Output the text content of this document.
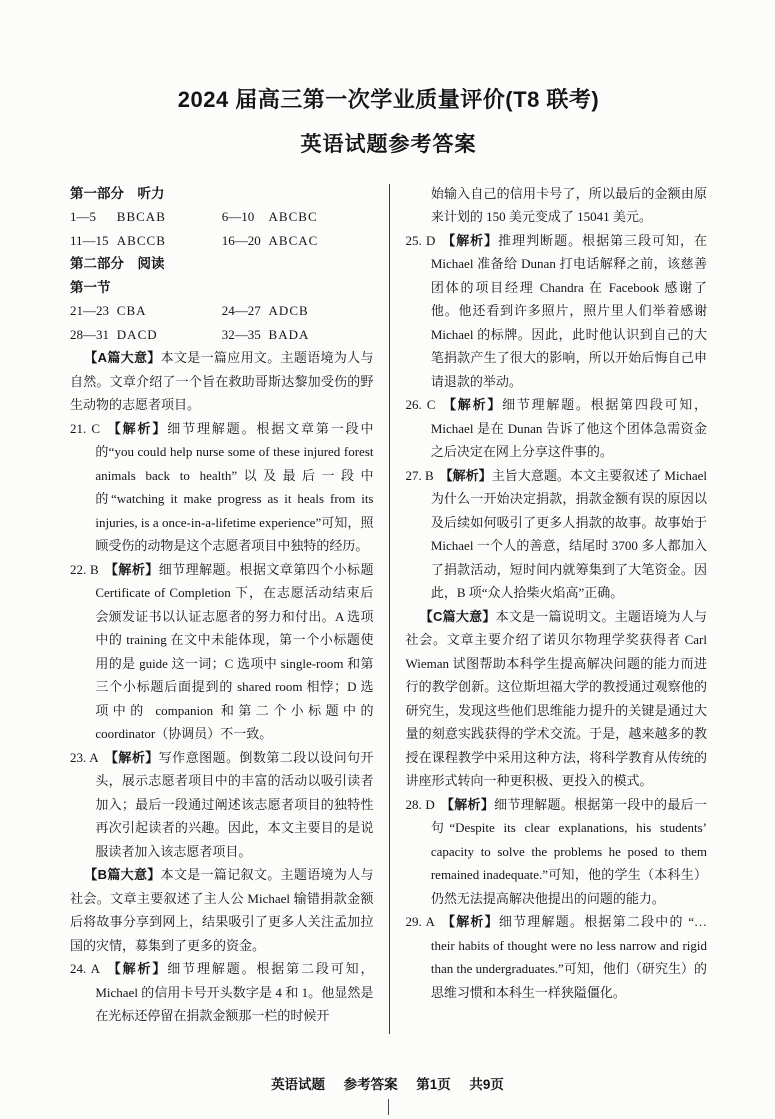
2024 届高三第一次学业质量评价(T8 联考)
英语试题参考答案
第一部分　听力
1—5 BBCAB	6—10 ABCBC
11—15 ABCCB	16—20 ABCAC
第二部分　阅读
第一节
21—23 CBA	24—27 ADCB
28—31 DACD	32—35 BADA

【A篇大意】本文是一篇应用文。主题语境为人与自然。文章介绍了一个旨在救助哥斯达黎加受伤的野生动物的志愿者项目。

21. C 【解析】细节理解题。根据文章第一段中的“you could help nurse some of these injured forest animals back to health”以及最后一段中的“watching it make progress as it heals from its injuries, is a once-in-a-lifetime experience”可知，照顾受伤的动物是这个志愿者项目中独特的经历。

22. B 【解析】细节理解题。根据文章第四个小标题 Certificate of Completion 下，在志愿活动结束后会颁发证书以认证志愿者的努力和付出。A 选项中的 training 在文中未能体现，第一个小标题使用的是 guide 这一词；C 选项中 single-room 和第三个小标题后面提到的 shared room 相悖；D 选项中的 companion 和第二个小标题中的 coordinator（协调员）不一致。

23. A 【解析】写作意图题。倒数第二段以设问句开头，展示志愿者项目中的丰富的活动以吸引读者加入；最后一段通过阐述该志愿者项目的独特性再次引起读者的兴趣。因此，本文主要目的是说服读者加入该志愿者项目。

【B篇大意】本文是一篇记叙文。主题语境为人与社会。文章主要叙述了主人公 Michael 输错捐款金额后将故事分享到网上，结果吸引了更多人关注孟加拉国的灾情，募集到了更多的资金。

24. A 【解析】细节理解题。根据第二段可知，Michael 的信用卡号开头数字是 4 和 1。他显然是在光标还停留在捐款金额那一栏的时候开

始输入自己的信用卡号了，所以最后的金额由原来计划的 150 美元变成了 15041 美元。

25. D 【解析】推理判断题。根据第三段可知，在 Michael 准备给 Dunan 打电话解释之前，该慈善团体的项目经理 Chandra 在 Facebook 感谢了他。他还看到许多照片，照片里人们举着感谢 Michael 的标牌。因此，此时他认识到自己的大笔捐款产生了很大的影响，所以开始后悔自己申请退款的举动。

26. C 【解析】细节理解题。根据第四段可知，Michael 是在 Dunan 告诉了他这个团体急需资金之后决定在网上分享这件事的。

27. B 【解析】主旨大意题。本文主要叙述了 Michael 为什么一开始决定捐款，捐款金额有误的原因以及后续如何吸引了更多人捐款的故事。故事始于 Michael 一个人的善意，结尾时 3700 多人都加入了捐款活动，短时间内就筹集到了大笔资金。因此，B 项“众人拾柴火焰高”正确。

【C篇大意】本文是一篇说明文。主题语境为人与社会。文章主要介绍了诺贝尔物理学奖获得者 Carl Wieman 试图帮助本科学生提高解决问题的能力而进行的教学创新。这位斯坦福大学的教授通过观察他的研究生，发现这些他们思维能力提升的关键是通过大量的刻意实践获得的学术交流。于是，越来越多的教授在课程教学中采用这种方法，将科学教育从传统的讲座形式转向一种更积极、更投入的模式。

28. D 【解析】细节理解题。根据第一段中的最后一句“Despite its clear explanations, his students’ capacity to solve the problems he posed to them remained inadequate.”可知，他的学生（本科生）仍然无法提高解决他提出的问题的能力。

29. A 【解析】细节理解题。根据第二段中的 “… their habits of thought were no less narrow and rigid than the undergraduates.”可知，他们（研究生）的思维习惯和本科生一样狭隘僵化。

英语试题 参考答案 第1页 共9页
